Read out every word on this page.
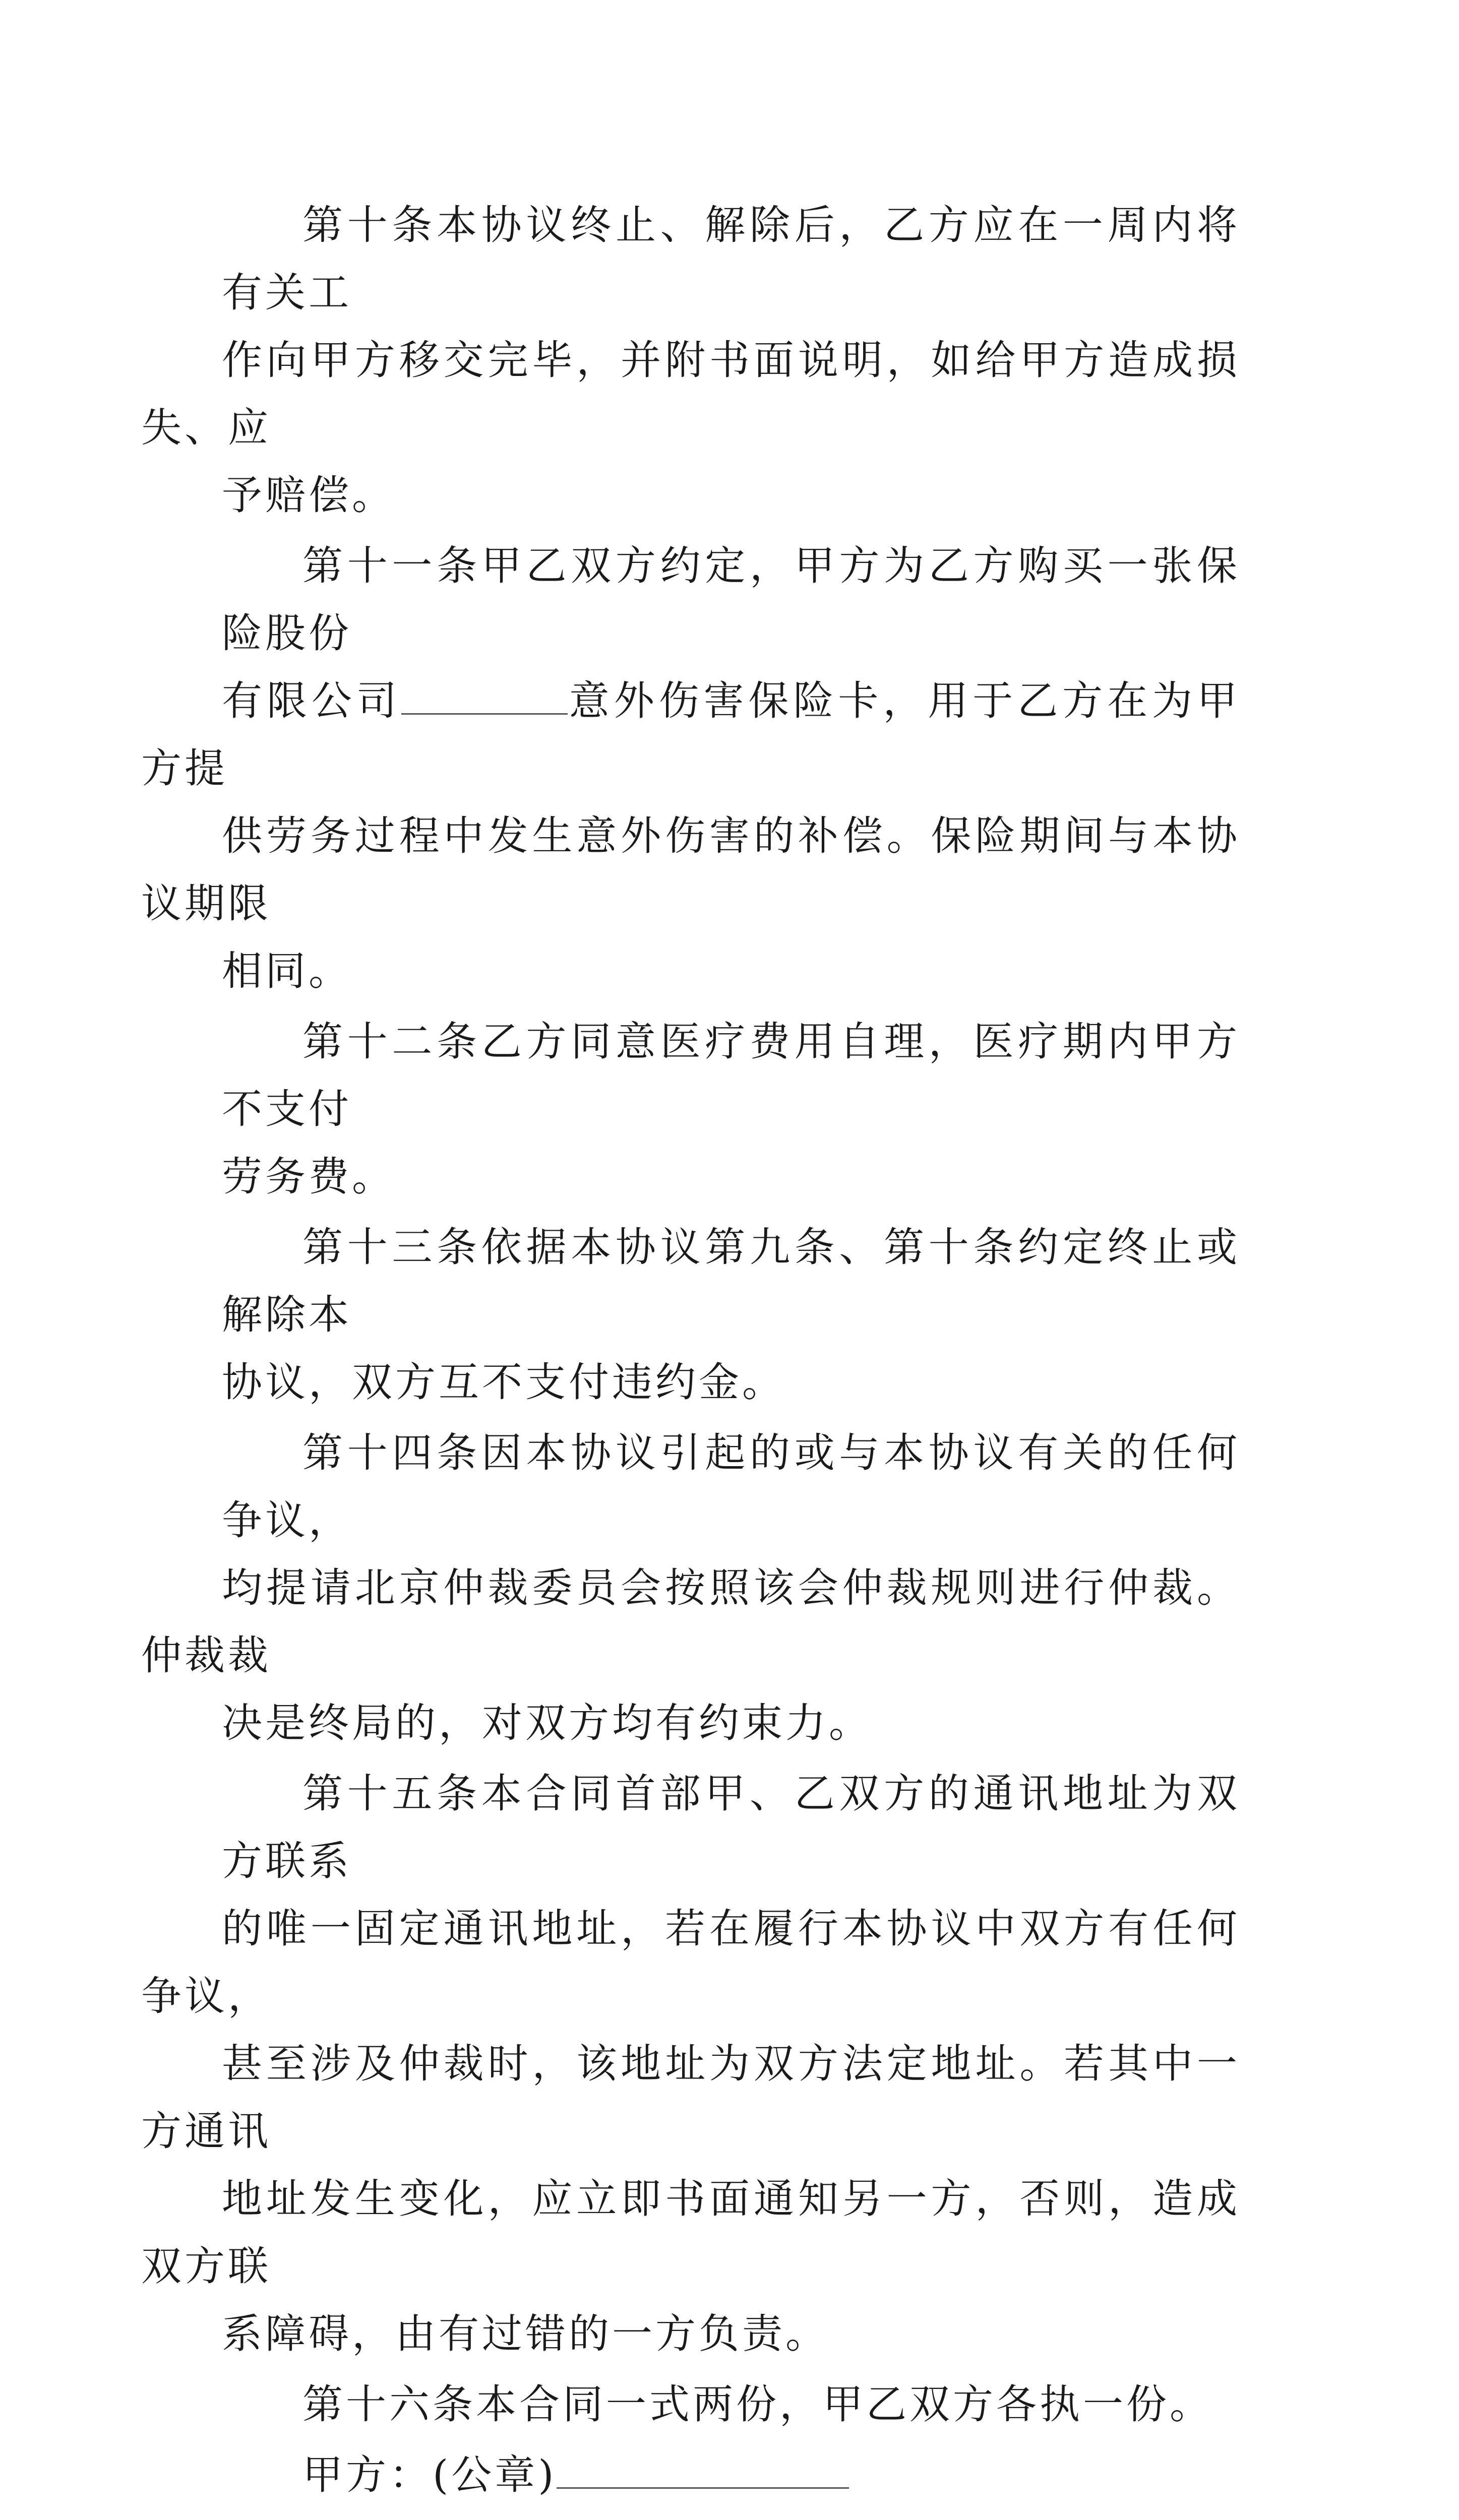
第十条本协议终止、解除后，乙方应在一周内将有关工
作向甲方移交完毕，并附书面说明，如给甲方造成损失、应
予赔偿。

第十一条甲乙双方约定，甲方为乙方购买一张保险股份
有限公司	意外伤害保险卡，用于乙方在为甲方提
供劳务过程中发生意外伤害的补偿。保险期间与本协议期限
相同。

第十二条乙方同意医疗费用自理，医疗期内甲方不支付
劳务费。

第十三条依据本协议第九条、第十条约定终止或解除本
协议，双方互不支付违约金。

第十四条因本协议引起的或与本协议有关的任何争议，
均提请北京仲裁委员会按照该会仲裁规则进行仲裁。仲裁裁
决是终局的，对双方均有约束力。

第十五条本合同首部甲、乙双方的通讯地址为双方联系
的唯一固定通讯地址，若在履行本协议中双方有任何争议，
甚至涉及仲裁时，该地址为双方法定地址。若其中一方通讯
地址发生变化，应立即书面通知另一方，否则，造成双方联
系障碍，由有过错的一方负责。

第十六条本合同一式两份，甲乙双方各执一份。

甲方：(公章)
